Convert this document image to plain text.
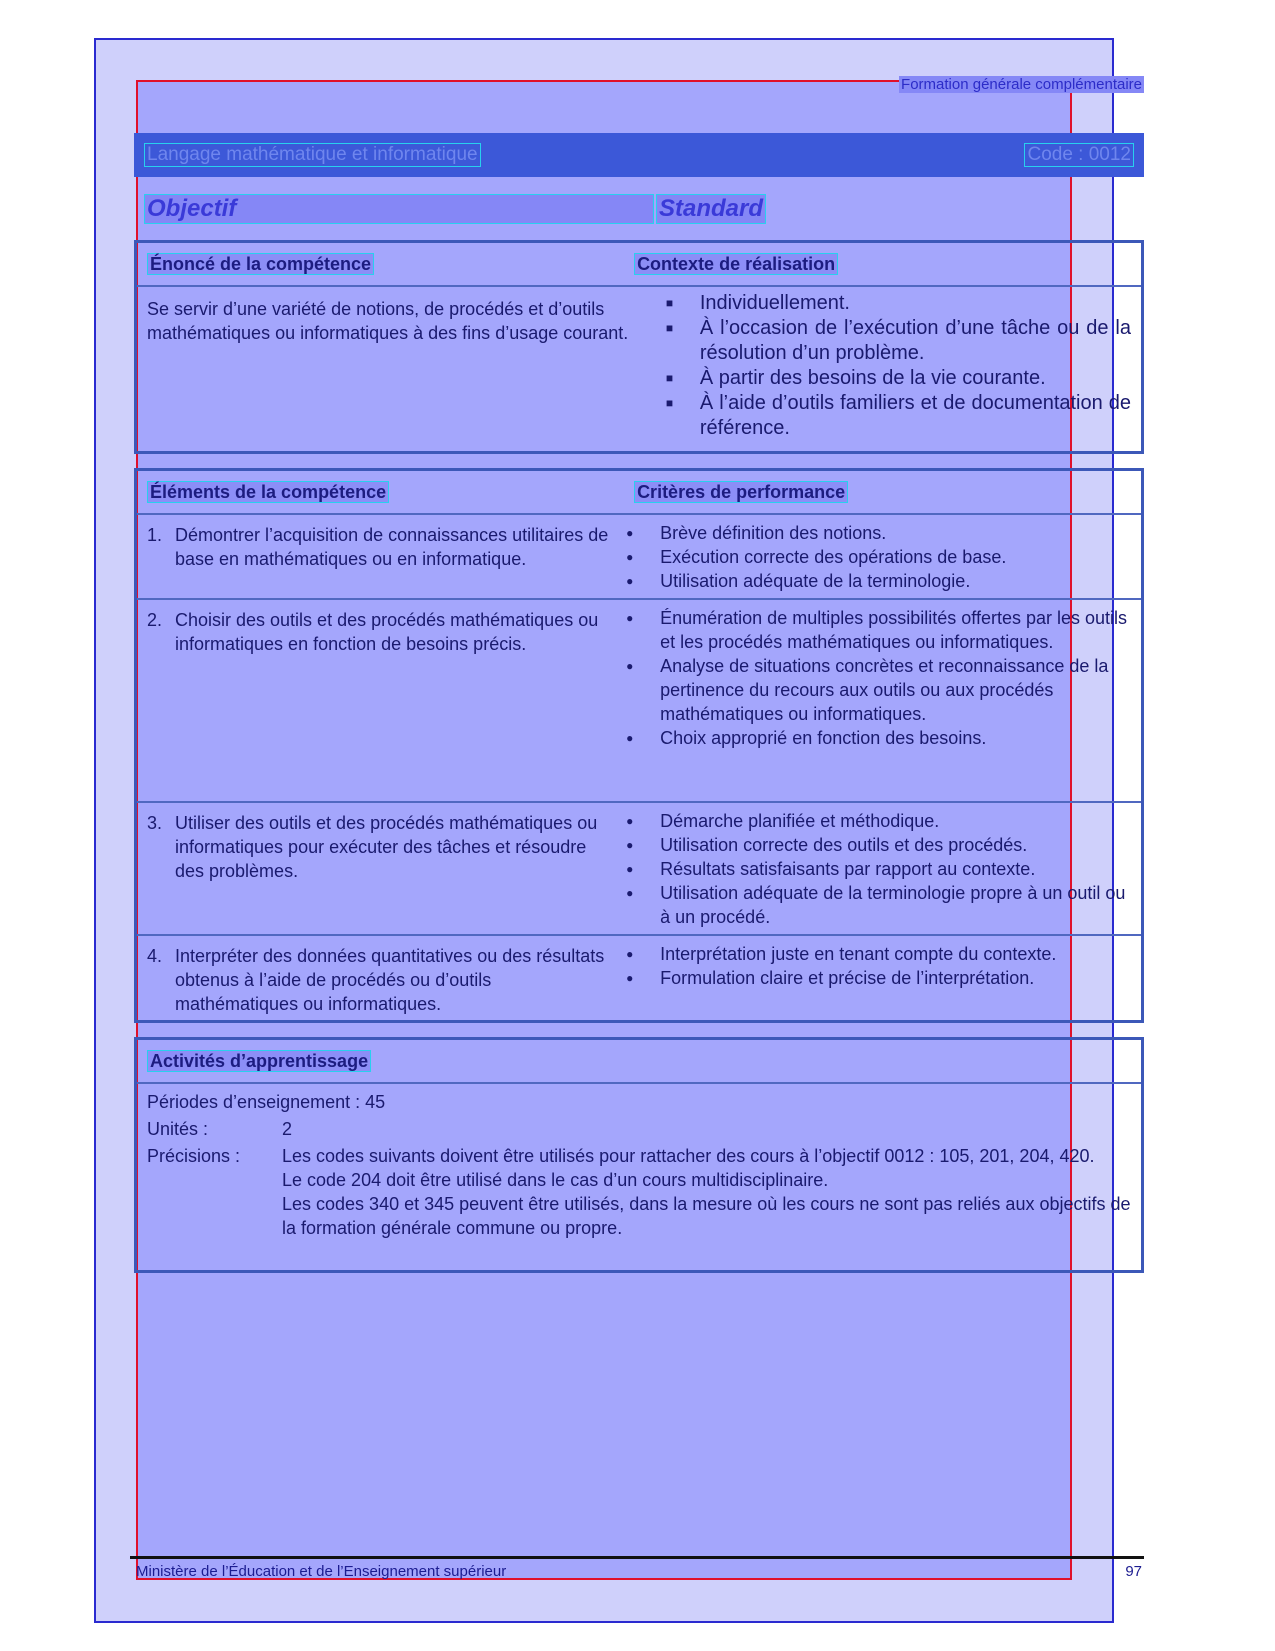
Formation générale complémentaire
Langage mathématique et informatique	Code : 0012
Objectif	Standard
Énoncé de la compétence	Contexte de réalisation
Se servir d’une variété de notions, de procédés et d’outils mathématiques ou informatiques à des fins d’usage courant.
■	Individuellement.
■	À l’occasion de l’exécution d’une tâche ou de la résolution d’un problème.
■	À partir des besoins de la vie courante.
■	À l’aide d’outils familiers et de documentation de référence.
Éléments de la compétence	Critères de performance
1. Démontrer l’acquisition de connaissances utilitaires de base en mathématiques ou en informatique.
●	Brève définition des notions.
●	Exécution correcte des opérations de base.
●	Utilisation adéquate de la terminologie.
2. Choisir des outils et des procédés mathématiques ou informatiques en fonction de besoins précis.
●	Énumération de multiples possibilités offertes par les outils et les procédés mathématiques ou informatiques.
●	Analyse de situations concrètes et reconnaissance de la pertinence du recours aux outils ou aux procédés mathématiques ou informatiques.
●	Choix approprié en fonction des besoins.
3. Utiliser des outils et des procédés mathématiques ou informatiques pour exécuter des tâches et résoudre des problèmes.
●	Démarche planifiée et méthodique.
●	Utilisation correcte des outils et des procédés.
●	Résultats satisfaisants par rapport au contexte.
●	Utilisation adéquate de la terminologie propre à un outil ou à un procédé.
4. Interpréter des données quantitatives ou des résultats obtenus à l’aide de procédés ou d’outils mathématiques ou informatiques.
●	Interprétation juste en tenant compte du contexte.
●	Formulation claire et précise de l’interprétation.
Activités d’apprentissage
Périodes d’enseignement : 45
Unités :	2
Précisions :	Les codes suivants doivent être utilisés pour rattacher des cours à l’objectif 0012 : 105, 201, 204, 420.
Le code 204 doit être utilisé dans le cas d’un cours multidisciplinaire.
Les codes 340 et 345 peuvent être utilisés, dans la mesure où les cours ne sont pas reliés aux objectifs de la formation générale commune ou propre.
Ministère de l’Éducation et de l’Enseignement supérieur	97
